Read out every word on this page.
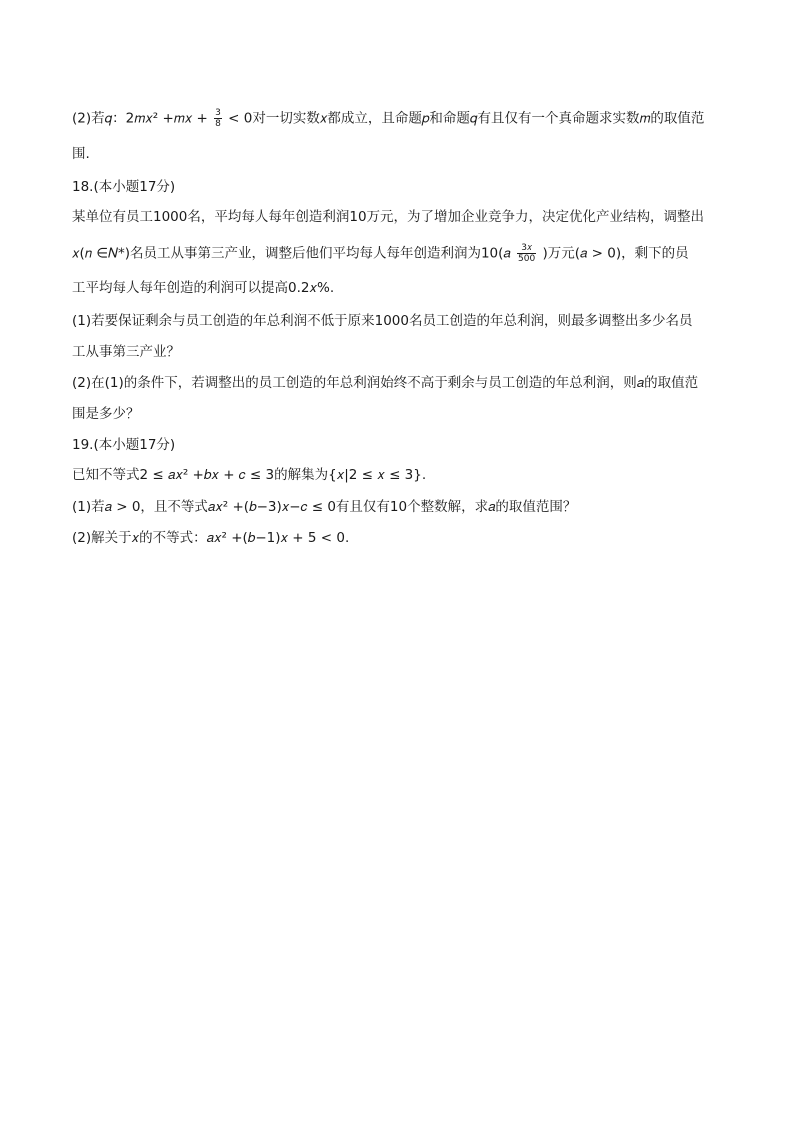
(2)若𝑞：2𝑚𝑥² +𝑚𝑥 + $\frac{3}{8} < 0$对一切实数𝑥都成立，且命题𝑝和命题𝑞有且仅有一个真命题求实数𝑚的取值范
围.
18.(本小题17分)
某单位有员工1000名，平均每人每年创造利润10万元，为了增加企业竞争力，决定优化产业结构，调整出
𝑥(𝑛 ∈𝑁*)名员工从事第三产业，调整后他们平均每人每年创造利润为10(𝑎 $\frac{\text{3𝑥}}{500}$ )万元(𝑎 > 0)，剩下的员
工平均每人每年创造的利润可以提高0.2𝑥%.
(1)若要保证剩余与员工创造的年总利润不低于原来1000名员工创造的年总利润，则最多调整出多少名员
工从事第三产业？
(2)在(1)的条件下，若调整出的员工创造的年总利润始终不高于剩余与员工创造的年总利润，则𝑎的取值范
围是多少？
19.(本小题17分)
已知不等式2 ≤ 𝑎𝑥² +𝑏𝑥 + 𝑐 ≤ 3的解集为{𝑥|2 ≤ 𝑥 ≤ 3}.
(1)若𝑎 > 0，且不等式𝑎𝑥² +(𝑏−3)𝑥−𝑐 ≤ 0有且仅有10个整数解，求𝑎的取值范围？
(2)解关于𝑥的不等式：𝑎𝑥² +(𝑏−1)𝑥 + 5 < 0.
